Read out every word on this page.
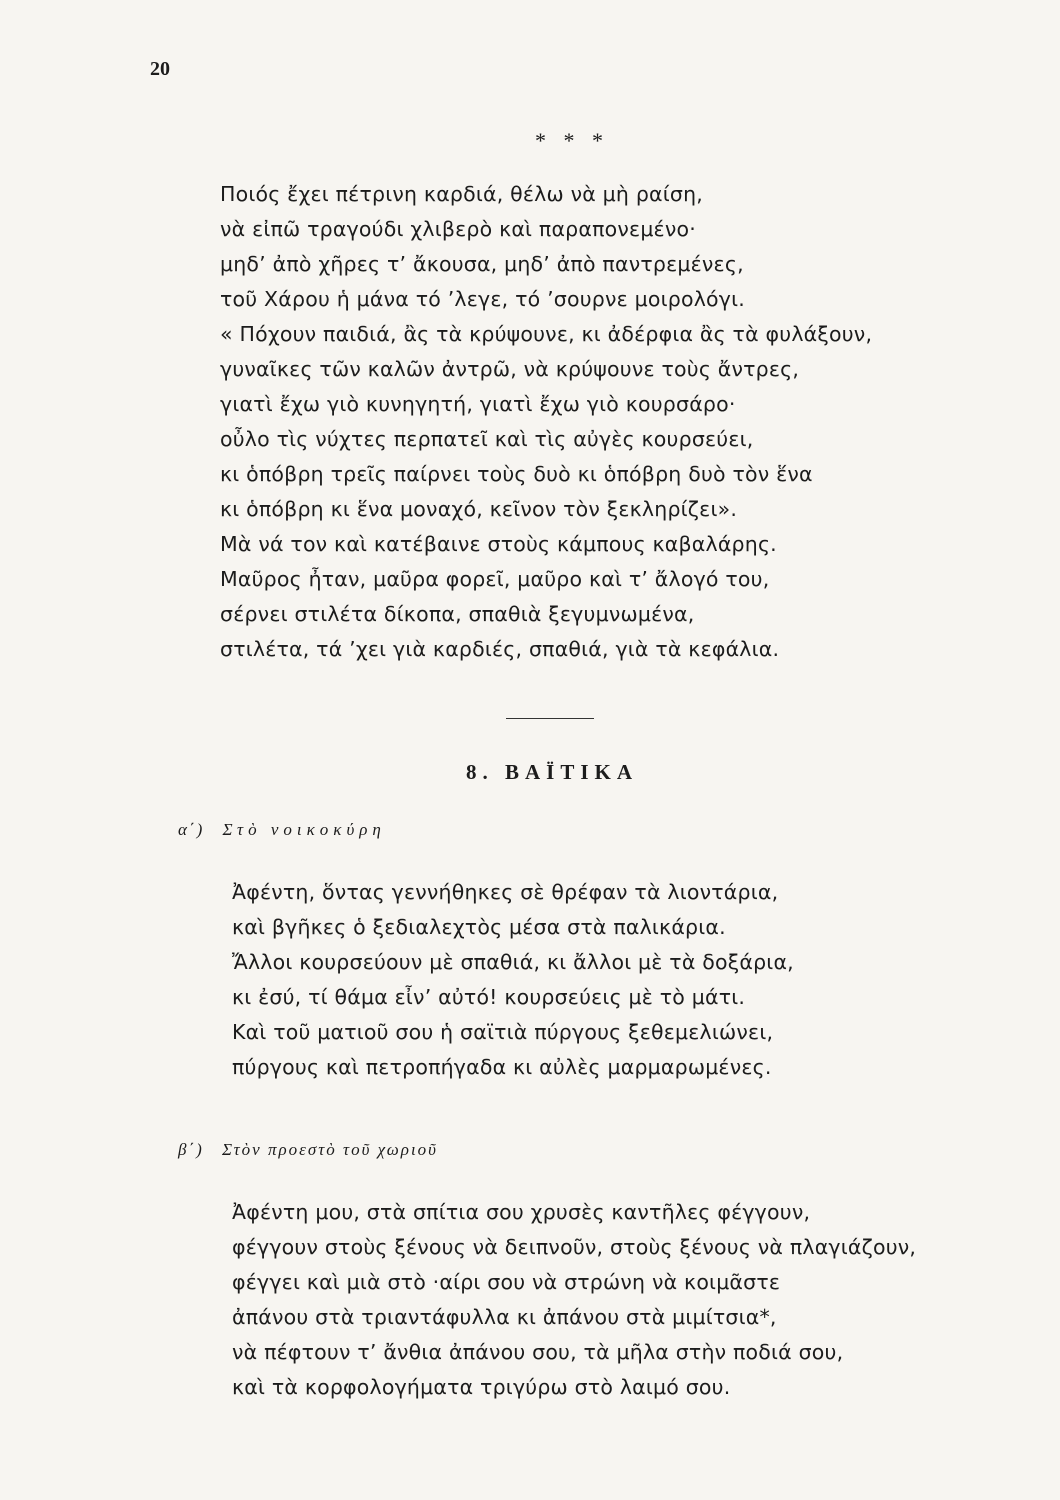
20
* * *
Ποιός ἔχει πέτρινη καρδιά, θέλω νὰ μὴ ραίση,
νὰ εἰπῶ τραγούδι χλιβερὸ καὶ παραπονεμένο·
μηδ’ ἀπὸ χῆρες τ’ ἄκουσα, μηδ’ ἀπὸ παντρεμένες,
τοῦ Χάρου ἡ μάνα τό ’λεγε, τό ’σουρνε μοιρολόγι.
« Πόχουν παιδιά, ἂς τὰ κρύψουνε, κι ἀδέρφια ἂς τὰ φυλάξουν,
γυναῖκες τῶν καλῶν ἀντρῶ, νὰ κρύψουνε τοὺς ἄντρες,
γιατὶ ἔχω γιὸ κυνηγητή, γιατὶ ἔχω γιὸ κουρσάρο·
οὖλο τὶς νύχτες περπατεῖ καὶ τὶς αὐγὲς κουρσεύει,
κι ὁπόβρη τρεῖς παίρνει τοὺς δυὸ κι ὁπόβρη δυὸ τὸν ἕνα
κι ὁπόβρη κι ἕνα μοναχό, κεῖνον τὸν ξεκληρίζει».
Μὰ νά τον καὶ κατέβαινε στοὺς κάμπους καβαλάρης.
Μαῦρος ἦταν, μαῦρα φορεῖ, μαῦρο καὶ τ’ ἄλογό του,
σέρνει στιλέτα δίκοπα, σπαθιὰ ξεγυμνωμένα,
στιλέτα, τά ’χει γιὰ καρδιές, σπαθιά, γιὰ τὰ κεφάλια.
8. ΒΑΪΤΙΚΑ
α΄) Στὸ νοικοκύρη
Ἀφέντη, ὅντας γεννήθηκες σὲ θρέφαν τὰ λιοντάρια,
καὶ βγῆκες ὁ ξεδιαλεχτὸς μέσα στὰ παλικάρια.
Ἄλλοι κουρσεύουν μὲ σπαθιά, κι ἄλλοι μὲ τὰ δοξάρια,
κι ἐσύ, τί θάμα εἶν’ αὐτό! κουρσεύεις μὲ τὸ μάτι.
Καὶ τοῦ ματιοῦ σου ἡ σαϊτιὰ πύργους ξεθεμελιώνει,
πύργους καὶ πετροπήγαδα κι αὐλὲς μαρμαρωμένες.
β΄) Στὸν προεστὸ τοῦ χωριοῦ
Ἀφέντη μου, στὰ σπίτια σου χρυσὲς καντῆλες φέγγουν,
φέγγουν στοὺς ξένους νὰ δειπνοῦν, στοὺς ξένους νὰ πλαγιάζουν,
φέγγει καὶ μιὰ στὸ ·αίρι σου νὰ στρώνη νὰ κοιμᾶστε
ἀπάνου στὰ τριαντάφυλλα κι ἀπάνου στὰ μιμίτσια*,
νὰ πέφτουν τ’ ἄνθια ἀπάνου σου, τὰ μῆλα στὴν ποδιά σου,
καὶ τὰ κορφολογήματα τριγύρω στὸ λαιμό σου.
